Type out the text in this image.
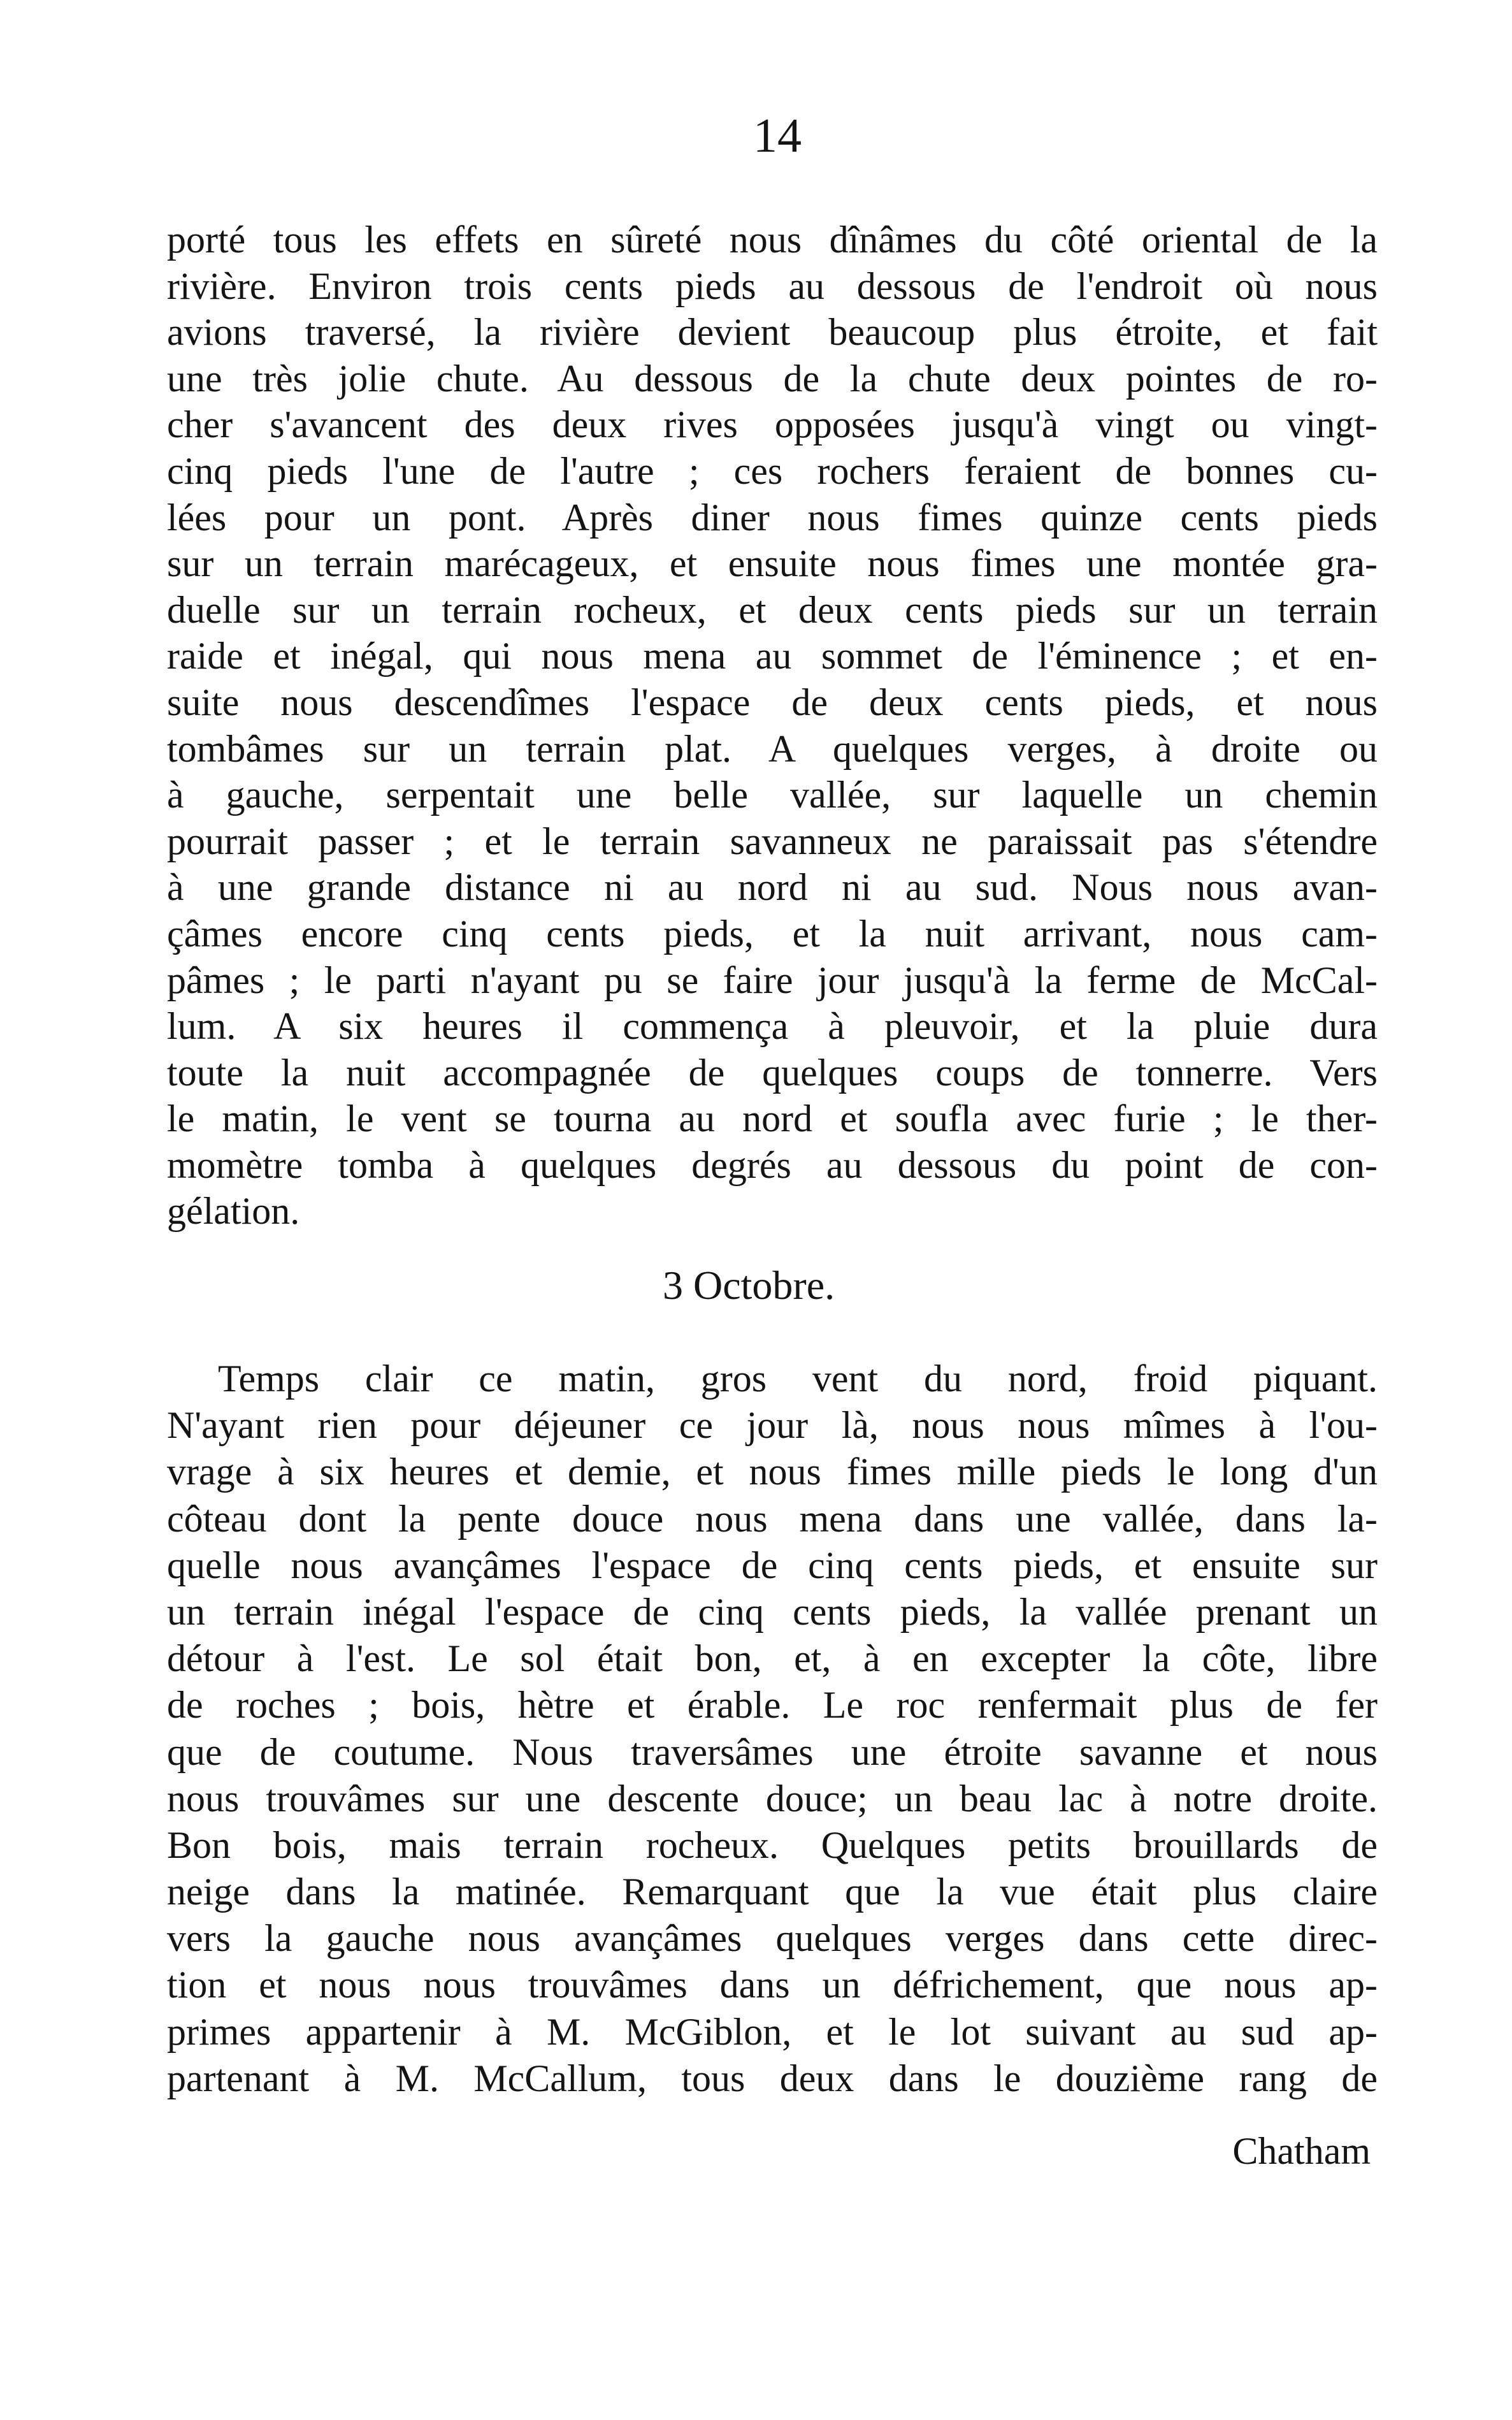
14
porté tous les effets en sûreté nous dînâmes du côté oriental de la
rivière. Environ trois cents pieds au dessous de l'endroit où nous
avions traversé, la rivière devient beaucoup plus étroite, et fait
une très jolie chute. Au dessous de la chute deux pointes de ro-
cher s'avancent des deux rives opposées jusqu'à vingt ou vingt-
cinq pieds l'une de l'autre ; ces rochers feraient de bonnes cu-
lées pour un pont. Après diner nous fimes quinze cents pieds
sur un terrain marécageux, et ensuite nous fimes une montée gra-
duelle sur un terrain rocheux, et deux cents pieds sur un terrain
raide et inégal, qui nous mena au sommet de l'éminence ; et en-
suite nous descendîmes l'espace de deux cents pieds, et nous
tombâmes sur un terrain plat. A quelques verges, à droite ou
à gauche, serpentait une belle vallée, sur laquelle un chemin
pourrait passer ; et le terrain savanneux ne paraissait pas s'étendre
à une grande distance ni au nord ni au sud. Nous nous avan-
çâmes encore cinq cents pieds, et la nuit arrivant, nous cam-
pâmes ; le parti n'ayant pu se faire jour jusqu'à la ferme de McCal-
lum. A six heures il commença à pleuvoir, et la pluie dura
toute la nuit accompagnée de quelques coups de tonnerre. Vers
le matin, le vent se tourna au nord et soufla avec furie ; le ther-
momètre tomba à quelques degrés au dessous du point de con-
gélation.
3 Octobre.
Temps clair ce matin, gros vent du nord, froid piquant.
N'ayant rien pour déjeuner ce jour là, nous nous mîmes à l'ou-
vrage à six heures et demie, et nous fimes mille pieds le long d'un
côteau dont la pente douce nous mena dans une vallée, dans la-
quelle nous avançâmes l'espace de cinq cents pieds, et ensuite sur
un terrain inégal l'espace de cinq cents pieds, la vallée prenant un
détour à l'est. Le sol était bon, et, à en excepter la côte, libre
de roches ; bois, hètre et érable. Le roc renfermait plus de fer
que de coutume. Nous traversâmes une étroite savanne et nous
nous trouvâmes sur une descente douce; un beau lac à notre droite.
Bon bois, mais terrain rocheux. Quelques petits brouillards de
neige dans la matinée. Remarquant que la vue était plus claire
vers la gauche nous avançâmes quelques verges dans cette direc-
tion et nous nous trouvâmes dans un défrichement, que nous ap-
primes appartenir à M. McGiblon, et le lot suivant au sud ap-
partenant à M. McCallum, tous deux dans le douzième rang de
Chatham
